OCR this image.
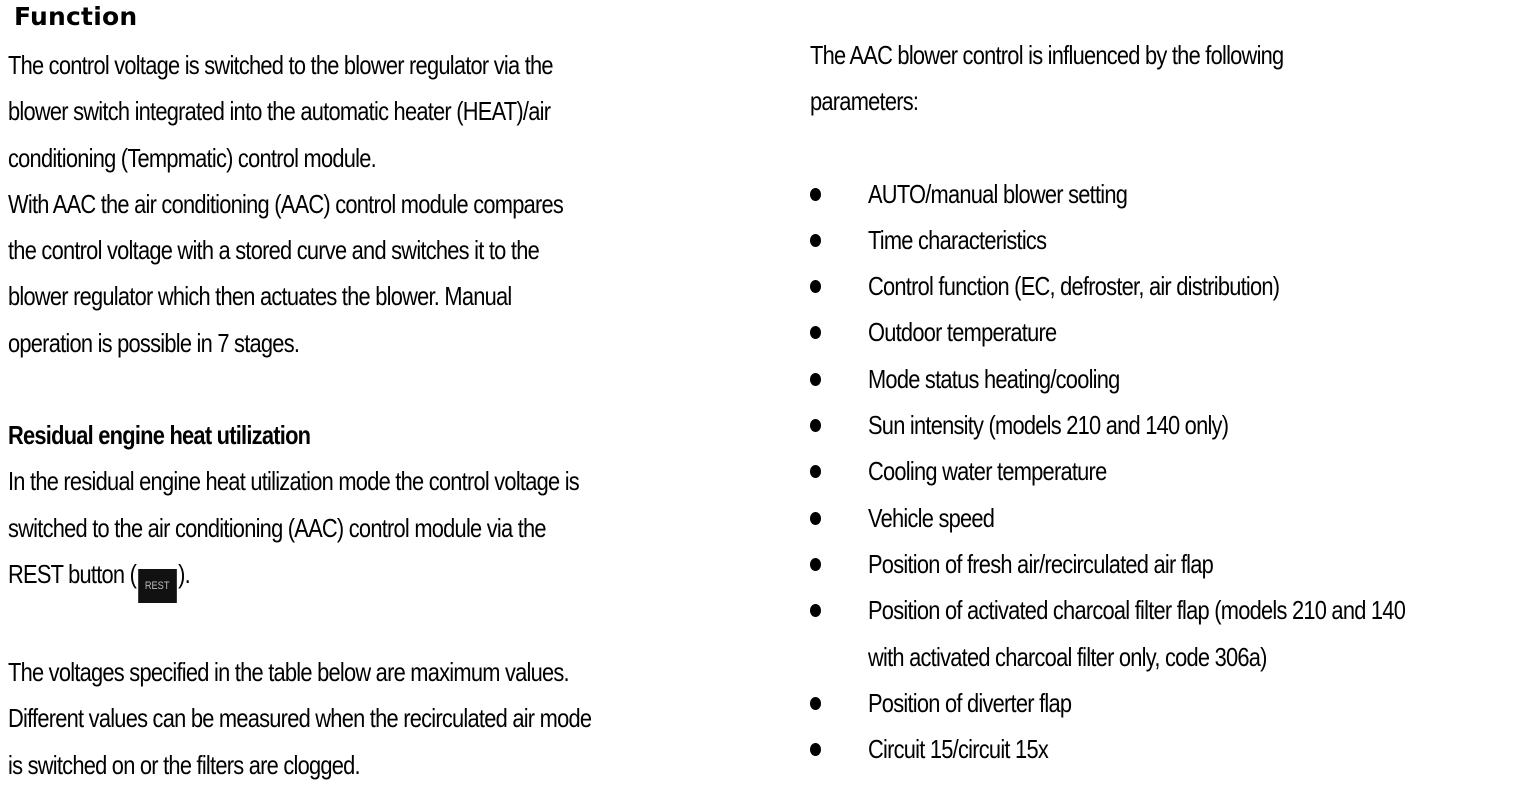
Function
The control voltage is switched to the blower regulator via the
blower switch integrated into the automatic heater (HEAT)/air
conditioning (Tempmatic) control module.
With AAC the air conditioning (AAC) control module compares
the control voltage with a stored curve and switches it to the
blower regulator which then actuates the blower. Manual
operation is possible in 7 stages.
Residual engine heat utilization
In the residual engine heat utilization mode the control voltage is
switched to the air conditioning (AAC) control module via the
REST button ( REST ).
The voltages specified in the table below are maximum values.
Different values can be measured when the recirculated air mode
is switched on or the filters are clogged.
The AAC blower control is influenced by the following
parameters:
AUTO/manual blower setting
Time characteristics
Control function (EC, defroster, air distribution)
Outdoor temperature
Mode status heating/cooling
Sun intensity (models 210 and 140 only)
Cooling water temperature
Vehicle speed
Position of fresh air/recirculated air flap
Position of activated charcoal filter flap (models 210 and 140
with activated charcoal filter only, code 306a)
Position of diverter flap
Circuit 15/circuit 15x
